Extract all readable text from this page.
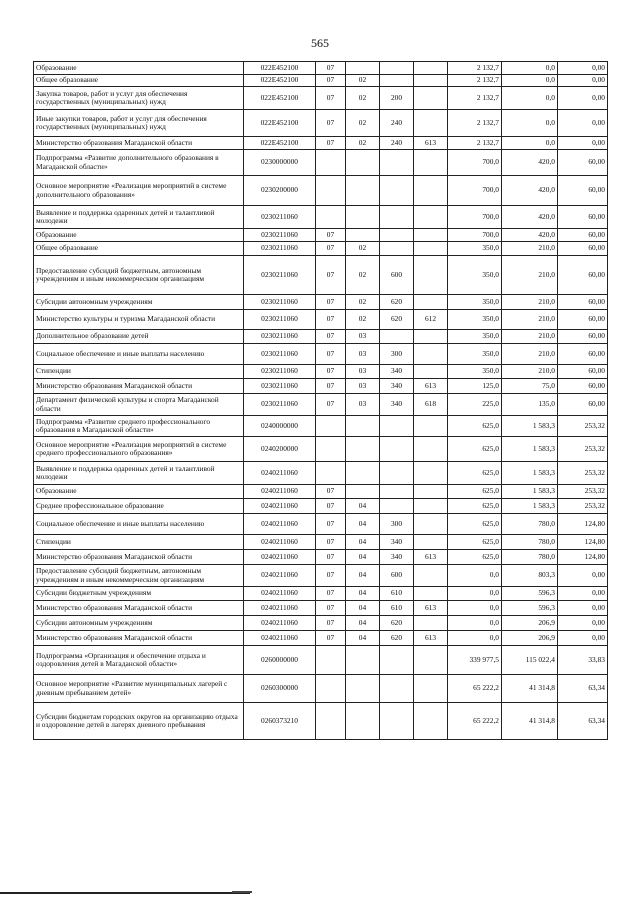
565
Образование	022Е452100	07				2 132,7	0,0	0,00
Общее образование	022Е452100	07	02			2 132,7	0,0	0,00
Закупка товаров, работ и услуг для обеспечения государственных (муниципальных) нужд	022Е452100	07	02	200		2 132,7	0,0	0,00
Иные закупки товаров, работ и услуг для обеспечения государственных (муниципальных) нужд	022Е452100	07	02	240		2 132,7	0,0	0,00
Министерство образования Магаданской области	022Е452100	07	02	240	613	2 132,7	0,0	0,00
Подпрограмма «Развитие дополнительного образования в Магаданской области»	0230000000					700,0	420,0	60,00
Основное мероприятие «Реализация мероприятий в системе дополнительного образования»	0230200000					700,0	420,0	60,00
Выявление и поддержка одаренных детей и талантливой молодежи	0230211060					700,0	420,0	60,00
Образование	0230211060	07				700,0	420,0	60,00
Общее образование	0230211060	07	02			350,0	210,0	60,00
Предоставление субсидий бюджетным, автономным учреждениям и иным некоммерческим организациям	0230211060	07	02	600		350,0	210,0	60,00
Субсидии автономным учреждениям	0230211060	07	02	620		350,0	210,0	60,00
Министерство культуры и туризма Магаданской области	0230211060	07	02	620	612	350,0	210,0	60,00
Дополнительное образование детей	0230211060	07	03			350,0	210,0	60,00
Социальное обеспечение и иные выплаты населению	0230211060	07	03	300		350,0	210,0	60,00
Стипендии	0230211060	07	03	340		350,0	210,0	60,00
Министерство образования Магаданской области	0230211060	07	03	340	613	125,0	75,0	60,00
Департамент физической культуры и спорта Магаданской области	0230211060	07	03	340	618	225,0	135,0	60,00
Подпрограмма «Развитие среднего профессионального образования в Магаданской области»	0240000000					625,0	1 583,3	253,32
Основное мероприятие «Реализация мероприятий в системе среднего профессионального образования»	0240200000					625,0	1 583,3	253,32
Выявление и поддержка одаренных детей и талантливой молодежи	0240211060					625,0	1 583,3	253,32
Образование	0240211060	07				625,0	1 583,3	253,32
Среднее профессиональное образование	0240211060	07	04			625,0	1 583,3	253,32
Социальное обеспечение и иные выплаты населению	0240211060	07	04	300		625,0	780,0	124,80
Стипендии	0240211060	07	04	340		625,0	780,0	124,80
Министерство образования Магаданской области	0240211060	07	04	340	613	625,0	780,0	124,80
Предоставление субсидий бюджетным, автономным учреждениям и иным некоммерческим организациям	0240211060	07	04	600		0,0	803,3	0,00
Субсидии бюджетным учреждениям	0240211060	07	04	610		0,0	596,3	0,00
Министерство образования Магаданской области	0240211060	07	04	610	613	0,0	596,3	0,00
Субсидии автономным учреждениям	0240211060	07	04	620		0,0	206,9	0,00
Министерство образования Магаданской области	0240211060	07	04	620	613	0,0	206,9	0,00
Подпрограмма «Организация и обеспечение отдыха и оздоровления детей в Магаданской области»	0260000000					339 977,5	115 022,4	33,83
Основное мероприятие «Развитие муниципальных лагерей с дневным пребыванием детей»	0260300000					65 222,2	41 314,8	63,34
Субсидии бюджетам городских округов на организацию отдыха и оздоровление детей в лагерях дневного пребывания	0260373210					65 222,2	41 314,8	63,34
